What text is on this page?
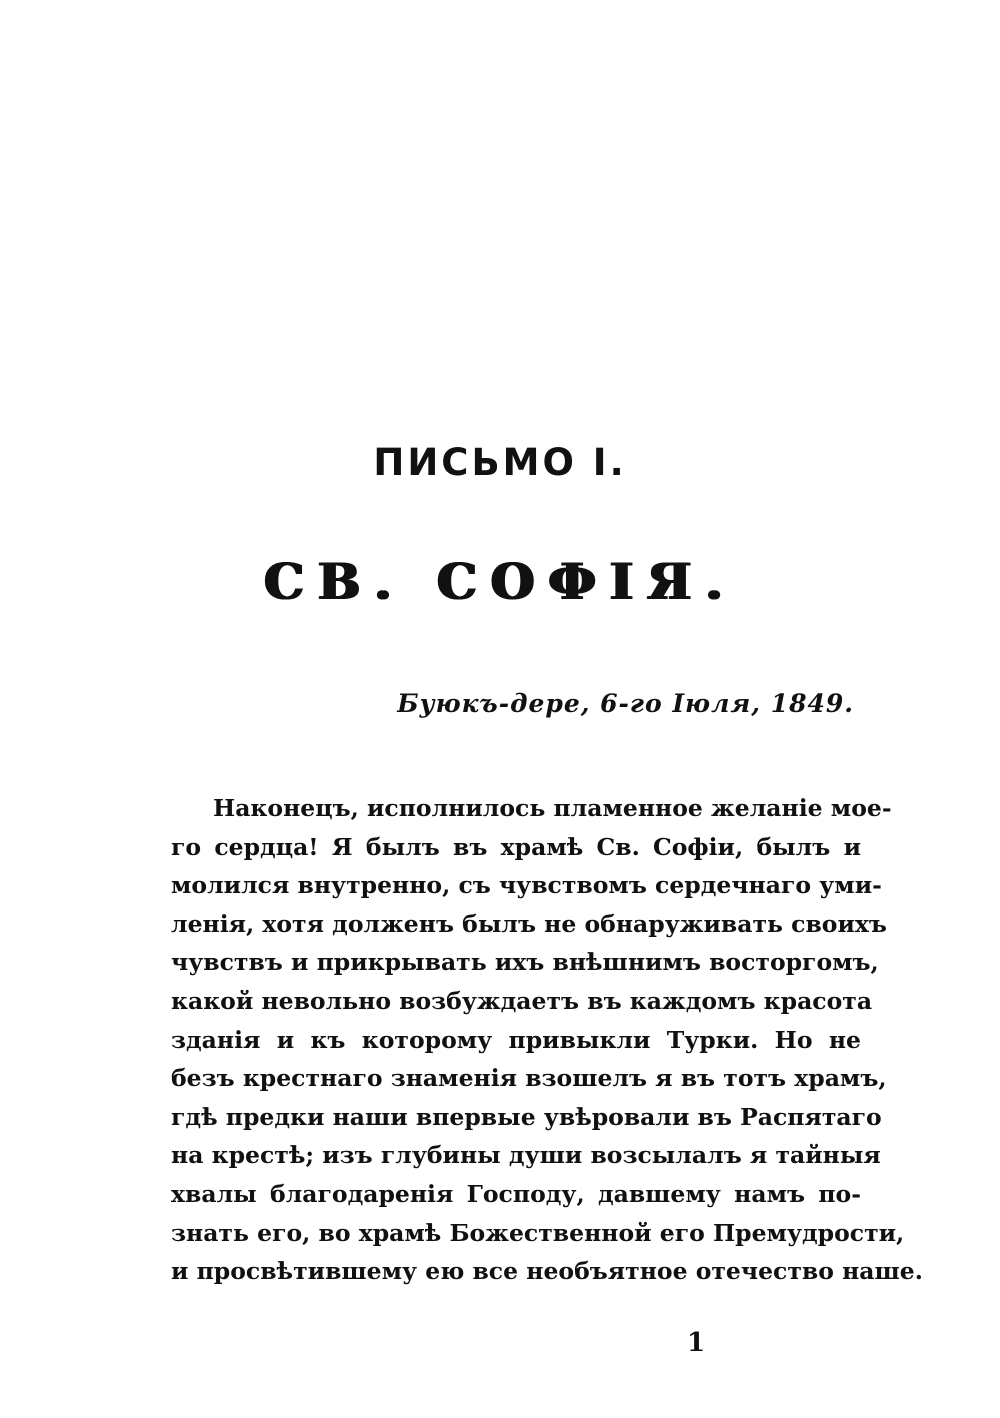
ПИСЬМО I.
СВ. СОФІЯ.
Буюкъ-дере, 6-го Іюля, 1849.
Наконецъ, исполнилось пламенное желаніе мое-
го сердца! Я былъ въ храмѣ Св. Софіи, былъ и
молился внутренно, съ чувствомъ сердечнаго уми-
ленія, хотя долженъ былъ не обнаруживать своихъ
чувствъ и прикрывать ихъ внѣшнимъ восторгомъ,
какой невольно возбуждаетъ въ каждомъ красота
зданія и къ которому привыкли Турки. Но не
безъ крестнаго знаменія взошелъ я въ тотъ храмъ,
гдѣ предки наши впервые увѣровали въ Распятаго
на крестѣ; изъ глубины души возсылалъ я тайныя
хвалы благодаренія Господу, давшему намъ по-
знать его, во храмѣ Божественной его Премудрости,
и просвѣтившему ею все необъятное отечество наше.
1
